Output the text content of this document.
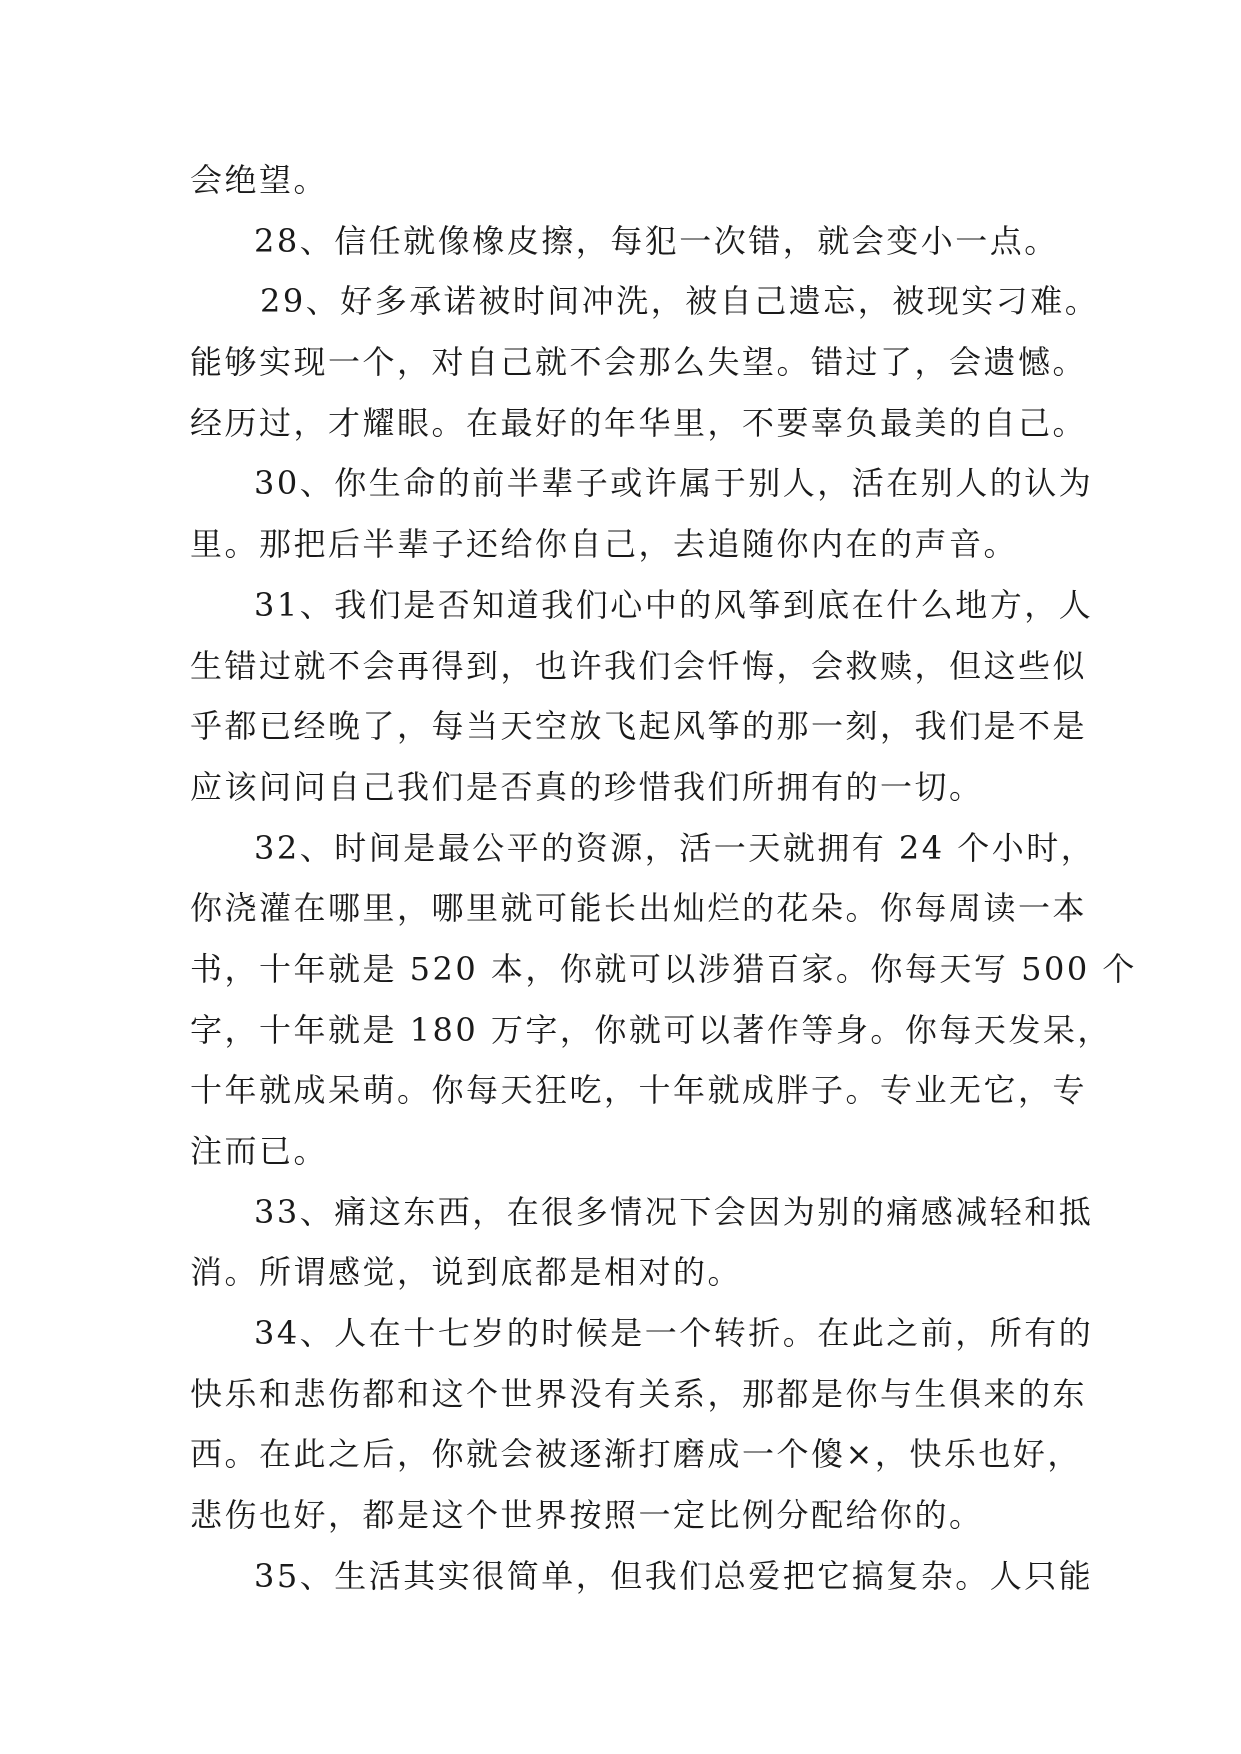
会绝望。
28、信任就像橡皮擦，每犯一次错，就会变小一点。
29、好多承诺被时间冲洗，被自己遗忘，被现实刁难。
能够实现一个，对自己就不会那么失望。错过了，会遗憾。
经历过，才耀眼。在最好的年华里，不要辜负最美的自己。
30、你生命的前半辈子或许属于别人，活在别人的认为
里。那把后半辈子还给你自己，去追随你内在的声音。
31、我们是否知道我们心中的风筝到底在什么地方，人
生错过就不会再得到，也许我们会忏悔，会救赎，但这些似
乎都已经晚了，每当天空放飞起风筝的那一刻，我们是不是
应该问问自己我们是否真的珍惜我们所拥有的一切。
32、时间是最公平的资源，活一天就拥有 24 个小时，
你浇灌在哪里，哪里就可能长出灿烂的花朵。你每周读一本
书，十年就是 520 本，你就可以涉猎百家。你每天写 500 个
字，十年就是 180 万字，你就可以著作等身。你每天发呆，
十年就成呆萌。你每天狂吃，十年就成胖子。专业无它，专
注而已。
33、痛这东西，在很多情况下会因为别的痛感减轻和抵
消。所谓感觉，说到底都是相对的。
34、人在十七岁的时候是一个转折。在此之前，所有的
快乐和悲伤都和这个世界没有关系，那都是你与生俱来的东
西。在此之后，你就会被逐渐打磨成一个傻×，快乐也好，
悲伤也好，都是这个世界按照一定比例分配给你的。
35、生活其实很简单，但我们总爱把它搞复杂。人只能
